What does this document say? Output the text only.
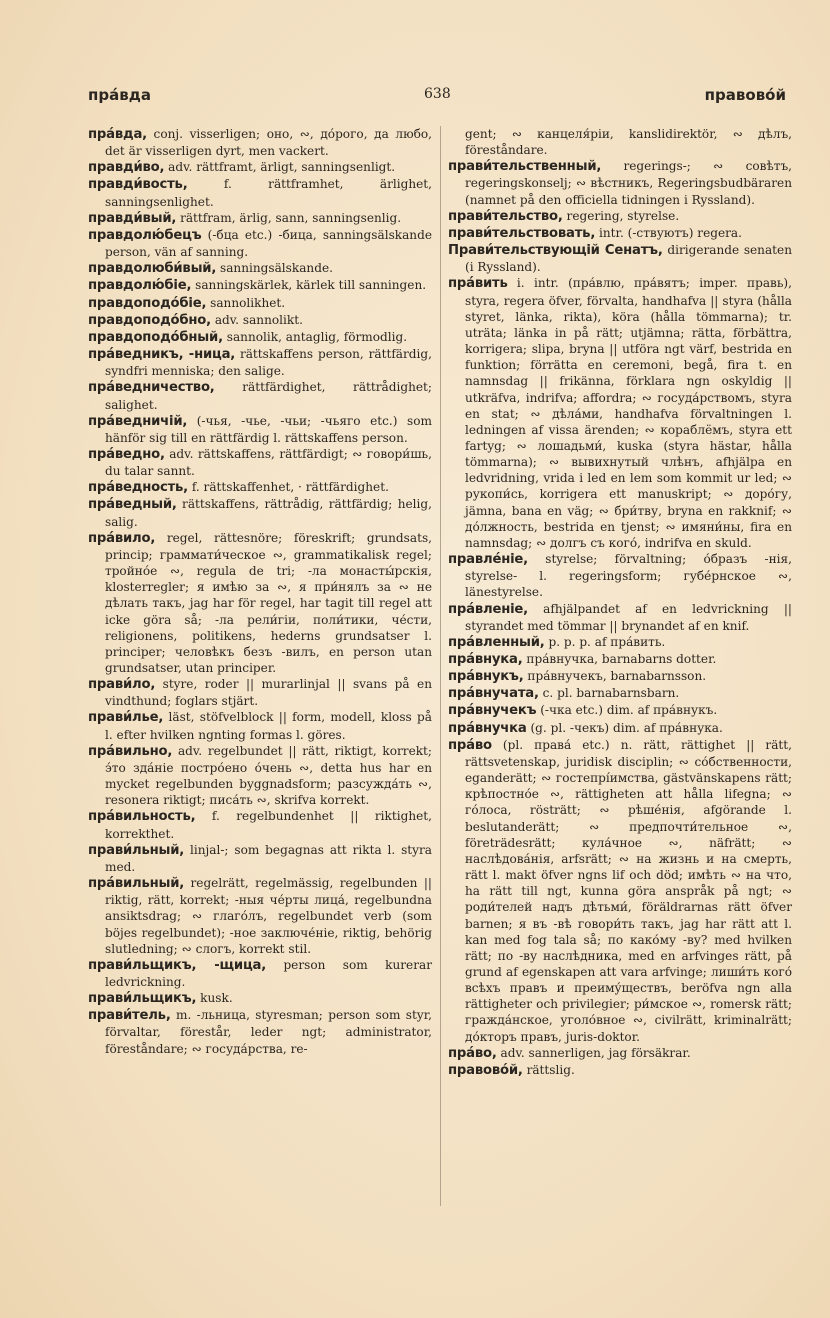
пра́вда	638	правово́й
пра́вда, conj. visserligen; оно, ∾, до́рого, да любо, det är visserligen dyrt, men vackert.
правди́во, adv. rättframt, ärligt, sanningsenligt.
правди́вость, f. rättframhet, ärlighet, sanningsenlighet.
правди́вый, rättfram, ärlig, sann, sanningsenlig.
правдолю́бецъ (-бца etc.) -бица, sanningsälskande person, vän af sanning.
правдолюби́вый, sanningsälskande.
правдолю́біе, sanningskärlek, kärlek till sanningen.
правдоподо́біе, sannolikhet.
правдоподо́бно, adv. sannolikt.
правдоподо́бный, sannolik, antaglig, förmodlig.
пра́ведникъ, -ница, rättskaffens person, rättfärdig, syndfri menniska; den salige.
пра́ведничество, rättfärdighet, rättrådighet; salighet.
пра́ведничій, (-чья, -чье, -чьи; -чьяго etc.) som hänför sig till en rättfärdig l. rättskaffens person.
пра́ведно, adv. rättskaffens, rättfärdigt; ∾ говори́шь, du talar sannt.
пра́ведность, f. rättskaffenhet, · rättfärdighet.
пра́ведный, rättskaffens, rättrådig, rättfärdig; helig, salig.
пра́вило, regel, rättesnöre; föreskrift; grundsats, princip; граммати́ческое ∾, grammatikalisk regel; тройно́е ∾, regula de tri; -ла монасты́рскія, klosterregler; я имѣю за ∾, я при́нялъ за ∾ не дѣлать такъ, jag har för regel, har tagit till regel att icke göra så; -ла рели́гіи, поли́тики, че́сти, religionens, politikens, hederns grundsatser l. principer; человѣкъ безъ -вилъ, en person utan grundsatser, utan principer.
прави́ло, styre, roder || murarlinjal || svans på en vindthund; foglars stjärt.
прави́лье, läst, stöfvelblock || form, modell, kloss på l. efter hvilken ngnting formas l. göres.
пра́вильно, adv. regelbundet || rätt, riktigt, korrekt; э́то зда́ніе постро́ено о́чень ∾, detta hus har en mycket regelbunden byggnadsform; разсужда́ть ∾, resonera riktigt; писа́ть ∾, skrifva korrekt.
пра́вильность, f. regelbundenhet || riktighet, korrekthet.
прави́льный, linjal-; som begagnas att rikta l. styra med.
пра́вильный, regelrätt, regelmässig, regelbunden || riktig, rätt, korrekt; -ныя че́рты лица́, regelbundna ansiktsdrag; ∾ глаго́лъ, regelbundet verb (som böjes regelbundet); -ное заключе́ніе, riktig, behörig slutledning; ∾ слогъ, korrekt stil.
прави́льщикъ, -щица, person som kurerar ledvrickning.
прави́льщикъ, kusk.
прави́тель, m. -льница, styresman; person som styr, förvaltar, förestår, leder ngt; administrator, föreståndare; ∾ госуда́рства, re-
gent; ∾ канцеля́ріи, kanslidirektör, ∾ дѣлъ, föreståndare.
прави́тельственный, regerings-; ∾ совѣтъ, regeringskonselj; ∾ вѣстникъ, Regeringsbudbäraren (namnet på den officiella tidningen i Ryssland).
прави́тельство, regering, styrelse.
прави́тельствовать, intr. (-ствуютъ) regera.
Прави́тельствующій Сенатъ, dirigerande senaten (i Ryssland).
пра́вить i. intr. (пра́влю, пра́вятъ; imper. правь), styra, regera öfver, förvalta, handhafva || styra (hålla styret, länka, rikta), köra (hålla tömmarna); tr. uträta; länka in på rätt; utjämna; rätta, förbättra, korrigera; slipa, bryna || utföra ngt värf, bestrida en funktion; förrätta en ceremoni, begå, fira t. en namnsdag || frikänna, förklara ngn oskyldig || utkräfva, indrifva; affordra; ∾ госуда́рствомъ, styra en stat; ∾ дѣла́ми, handhafva förvaltningen l. ledningen af vissa ärenden; ∾ кораблёмъ, styra ett fartyg; ∾ лошадьми́, kuska (styra hästar, hålla tömmarna); ∾ вывихнутый члѣнъ, afhjälpa en ledvridning, vrida i led en lem som kommit ur led; ∾ рукопи́сь, korrigera ett manuskript; ∾ доро́гу, jämna, bana en väg; ∾ бри́тву, bryna en rakknif; ∾ до́лжность, bestrida en tjenst; ∾ имяни́ны, fira en namnsdag; ∾ долгъ съ кого́, indrifva en skuld.
правле́ніе, styrelse; förvaltning; о́бразъ -нія, styrelse- l. regeringsform; губе́рнское ∾, länestyrelse.
пра́вленіе, afhjälpandet af en ledvrickning || styrandet med tömmar || brynandet af en knif.
пра́вленный, p. p. p. af пра́вить.
пра́внука, пра́внучка, barnabarns dotter.
пра́внукъ, пра́внучекъ, barnabarnsson.
пра́внучата, c. pl. barnabarnsbarn.
пра́внучекъ (-чка etc.) dim. af пра́внукъ.
пра́внучка (g. pl. -чекъ) dim. af пра́внука.
пра́во (pl. права́ etc.) n. rätt, rättighet || rätt, rättsvetenskap, juridisk disciplin; ∾ со́бственности, eganderätt; ∾ гостепрі́имства, gästvänskapens rätt; крѣпостно́е ∾, rättigheten att hålla lifegna; ∾ го́лоса, rösträtt; ∾ рѣше́нія, afgörande l. beslutanderätt; ∾ предпочти́тельное ∾, företrädesrätt; кула́чное ∾, näfrätt; ∾ наслѣдова́нія, arfsrätt; ∾ на жизнь и на смерть, rätt l. makt öfver ngns lif och död; имѣть ∾ на что, ha rätt till ngt, kunna göra anspråk på ngt; ∾ роди́телей надъ дѣтьми́, föräldrarnas rätt öfver barnen; я въ -вѣ говори́ть такъ, jag har rätt att l. kan med fog tala så; по како́му -ву? med hvilken rätt; по -ву наслѣдника, med en arfvinges rätt, på grund af egenskapen att vara arfvinge; лиши́ть кого́ всѣхъ правъ и преиму́ществъ, beröfva ngn alla rättigheter och privilegier; ри́мское ∾, romersk rätt; гражда́нское, уголо́вное ∾, civilrätt, kriminalrätt; до́кторъ правъ, juris-doktor.
пра́во, adv. sannerligen, jag försäkrar.
правово́й, rättslig.
